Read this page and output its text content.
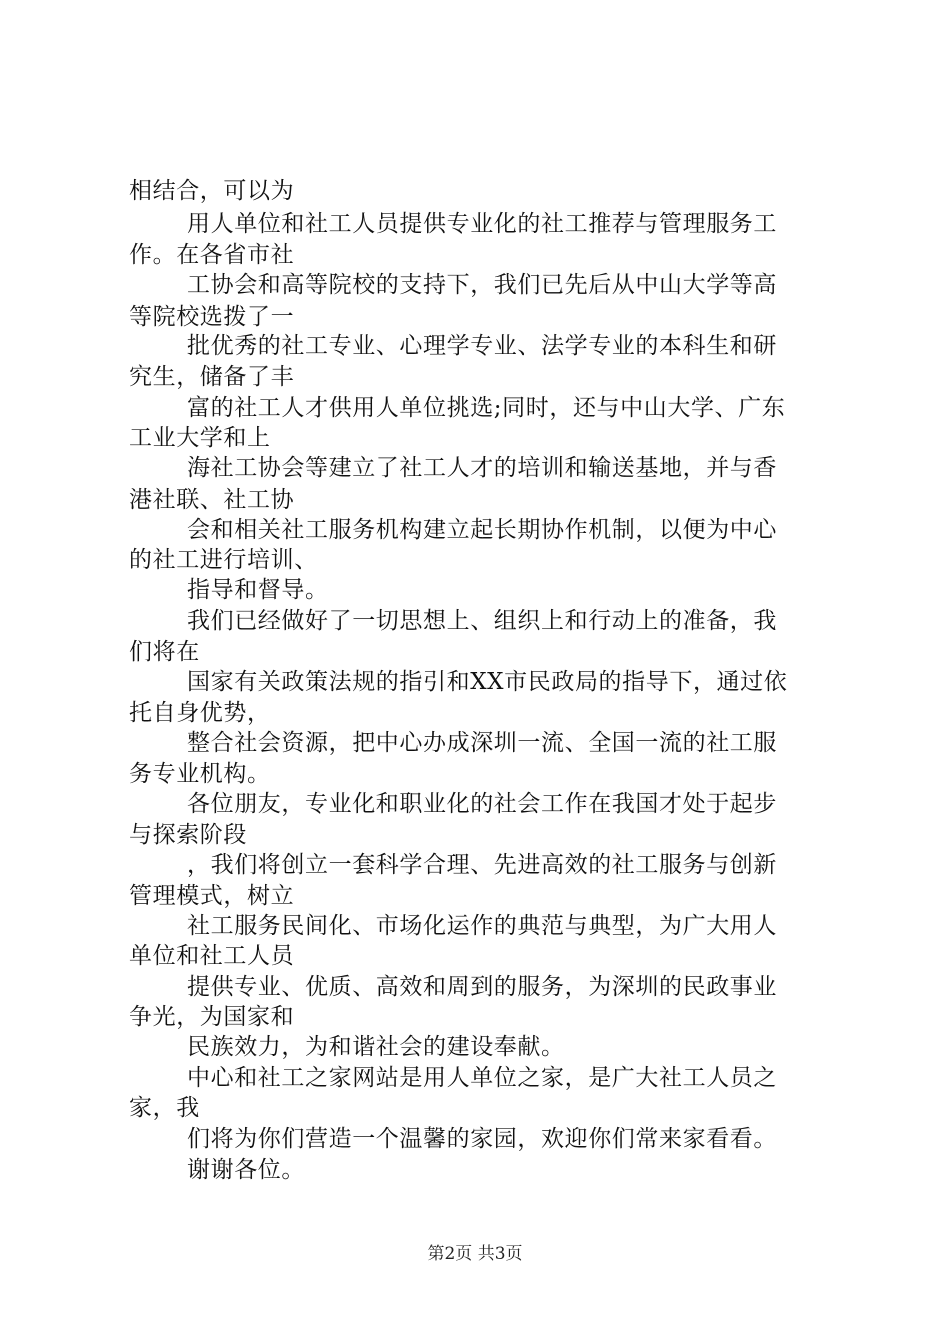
相结合，可以为
用人单位和社工人员提供专业化的社工推荐与管理服务工
作。在各省市社
工协会和高等院校的支持下，我们已先后从中山大学等高
等院校选拨了一
批优秀的社工专业、心理学专业、法学专业的本科生和研
究生，储备了丰
富的社工人才供用人单位挑选;同时，还与中山大学、广东
工业大学和上
海社工协会等建立了社工人才的培训和输送基地，并与香
港社联、社工协
会和相关社工服务机构建立起长期协作机制，以便为中心
的社工进行培训、
指导和督导。
我们已经做好了一切思想上、组织上和行动上的准备，我
们将在
国家有关政策法规的指引和XX市民政局的指导下，通过依
托自身优势，
整合社会资源，把中心办成深圳一流、全国一流的社工服
务专业机构。
各位朋友，专业化和职业化的社会工作在我国才处于起步
与探索阶段
，我们将创立一套科学合理、先进高效的社工服务与创新
管理模式，树立
社工服务民间化、市场化运作的典范与典型，为广大用人
单位和社工人员
提供专业、优质、高效和周到的服务，为深圳的民政事业
争光，为国家和
民族效力，为和谐社会的建设奉献。
中心和社工之家网站是用人单位之家，是广大社工人员之
家，我
们将为你们营造一个温馨的家园，欢迎你们常来家看看。
谢谢各位。
第2页 共3页
